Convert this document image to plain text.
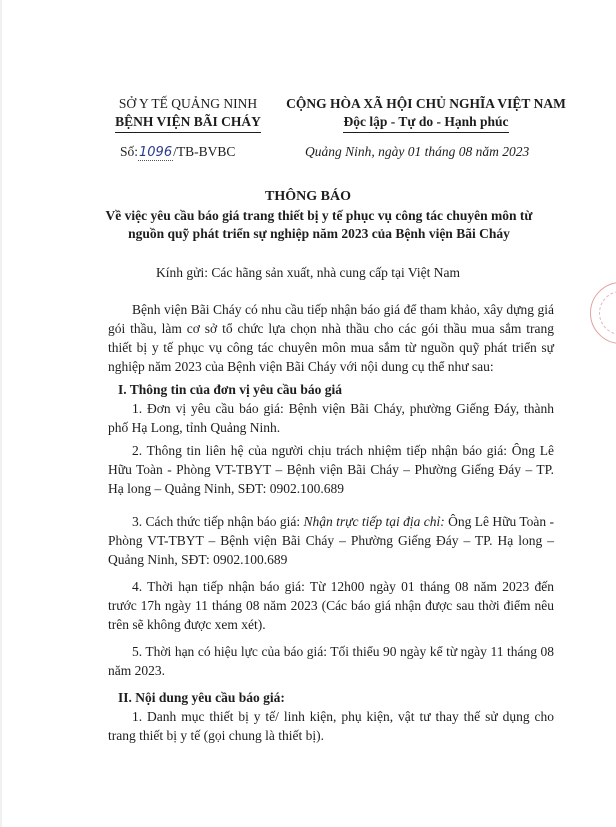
SỞ Y TẾ QUẢNG NINH
BỆNH VIỆN BÃI CHÁY
CỘNG HÒA XÃ HỘI CHỦ NGHĨA VIỆT NAM
Độc lập - Tự do - Hạnh phúc
Số:1096/TB-BVBC	Quảng Ninh, ngày 01 tháng 08 năm 2023
THÔNG BÁO
Về việc yêu cầu báo giá trang thiết bị y tế phục vụ công tác chuyên môn từ nguồn quỹ phát triển sự nghiệp năm 2023 của Bệnh viện Bãi Cháy
Kính gửi: Các hãng sản xuất, nhà cung cấp tại Việt Nam

Bệnh viện Bãi Cháy có nhu cầu tiếp nhận báo giá để tham khảo, xây dựng giá gói thầu, làm cơ sở tổ chức lựa chọn nhà thầu cho các gói thầu mua sắm trang thiết bị y tế phục vụ công tác chuyên môn mua sắm từ nguồn quỹ phát triển sự nghiệp năm 2023 của Bệnh viện Bãi Cháy với nội dung cụ thể như sau:

I. Thông tin của đơn vị yêu cầu báo giá

1. Đơn vị yêu cầu báo giá: Bệnh viện Bãi Cháy, phường Giếng Đáy, thành phố Hạ Long, tỉnh Quảng Ninh.

2. Thông tin liên hệ của người chịu trách nhiệm tiếp nhận báo giá: Ông Lê Hữu Toàn - Phòng VT-TBYT – Bệnh viện Bãi Cháy – Phường Giếng Đáy – TP. Hạ long – Quảng Ninh, SĐT: 0902.100.689

3. Cách thức tiếp nhận báo giá: Nhận trực tiếp tại địa chỉ: Ông Lê Hữu Toàn - Phòng VT-TBYT – Bệnh viện Bãi Cháy – Phường Giếng Đáy – TP. Hạ long – Quảng Ninh, SĐT: 0902.100.689

4. Thời hạn tiếp nhận báo giá: Từ 12h00 ngày 01 tháng 08 năm 2023 đến trước 17h ngày 11 tháng 08 năm 2023 (Các báo giá nhận được sau thời điểm nêu trên sẽ không được xem xét).

5. Thời hạn có hiệu lực của báo giá: Tối thiểu 90 ngày kể từ ngày 11 tháng 08 năm 2023.

II. Nội dung yêu cầu báo giá:

1. Danh mục thiết bị y tế/ linh kiện, phụ kiện, vật tư thay thế sử dụng cho trang thiết bị y tế (gọi chung là thiết bị).
